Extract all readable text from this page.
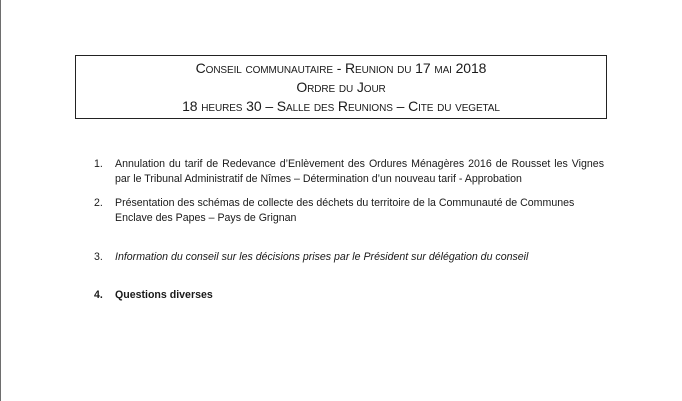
Conseil communautaire - Reunion du 17 mai 2018
Ordre du Jour
18 heures 30 – Salle des Reunions – Cite du vegetal
1. Annulation du tarif de Redevance d’Enlèvement des Ordures Ménagères 2016 de Rousset les Vignes par le Tribunal Administratif de Nîmes – Détermination d’un nouveau tarif - Approbation
2. Présentation des schémas de collecte des déchets du territoire de la Communauté de Communes Enclave des Papes – Pays de Grignan
3. Information du conseil sur les décisions prises par le Président sur délégation du conseil
4. Questions diverses
